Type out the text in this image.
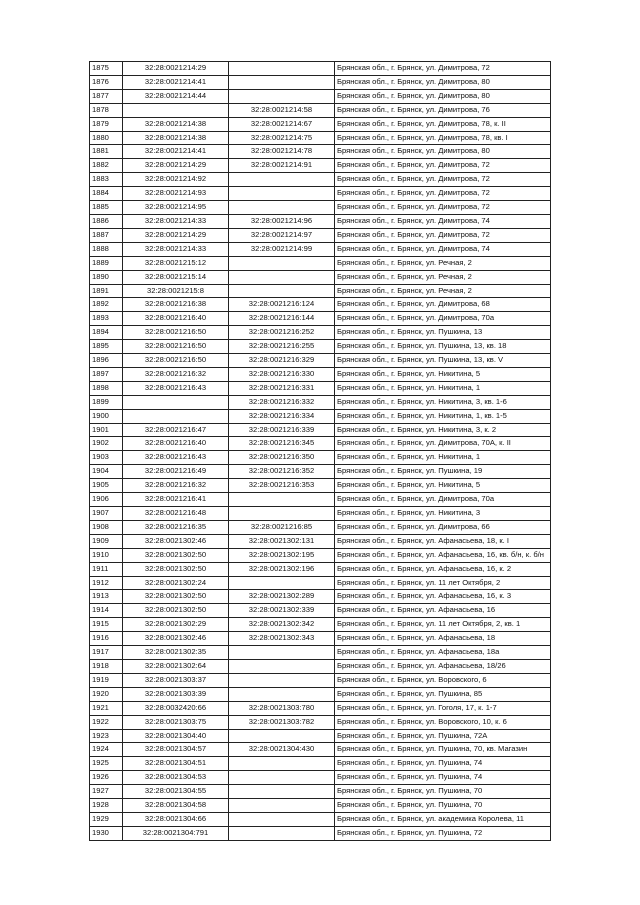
1875	32:28:0021214:29		Брянская обл., г. Брянск, ул. Димитрова, 72
1876	32:28:0021214:41		Брянская обл., г. Брянск, ул. Димитрова, 80
1877	32:28:0021214:44		Брянская обл., г. Брянск, ул. Димитрова, 80
1878		32:28:0021214:58	Брянская обл., г. Брянск, ул. Димитрова, 76
1879	32:28:0021214:38	32:28:0021214:67	Брянская обл., г. Брянск, ул. Димитрова, 78, к. II
1880	32:28:0021214:38	32:28:0021214:75	Брянская обл., г. Брянск, ул. Димитрова, 78, кв. I
1881	32:28:0021214:41	32:28:0021214:78	Брянская обл., г. Брянск, ул. Димитрова, 80
1882	32:28:0021214:29	32:28:0021214:91	Брянская обл., г. Брянск, ул. Димитрова, 72
1883	32:28:0021214:92		Брянская обл., г. Брянск, ул. Димитрова, 72
1884	32:28:0021214:93		Брянская обл., г. Брянск, ул. Димитрова, 72
1885	32:28:0021214:95		Брянская обл., г. Брянск, ул. Димитрова, 72
1886	32:28:0021214:33	32:28:0021214:96	Брянская обл., г. Брянск, ул. Димитрова, 74
1887	32:28:0021214:29	32:28:0021214:97	Брянская обл., г. Брянск, ул. Димитрова, 72
1888	32:28:0021214:33	32:28:0021214:99	Брянская обл., г. Брянск, ул. Димитрова, 74
1889	32:28:0021215:12		Брянская обл., г. Брянск, ул. Речная, 2
1890	32:28:0021215:14		Брянская обл., г. Брянск, ул. Речная, 2
1891	32:28:0021215:8		Брянская обл., г. Брянск, ул. Речная, 2
1892	32:28:0021216:38	32:28:0021216:124	Брянская обл., г. Брянск, ул. Димитрова, 68
1893	32:28:0021216:40	32:28:0021216:144	Брянская обл., г. Брянск, ул. Димитрова, 70а
1894	32:28:0021216:50	32:28:0021216:252	Брянская обл., г. Брянск, ул. Пушкина, 13
1895	32:28:0021216:50	32:28:0021216:255	Брянская обл., г. Брянск, ул. Пушкина, 13, кв. 18
1896	32:28:0021216:50	32:28:0021216:329	Брянская обл., г. Брянск, ул. Пушкина, 13, кв. V
1897	32:28:0021216:32	32:28:0021216:330	Брянская обл., г. Брянск, ул. Никитина, 5
1898	32:28:0021216:43	32:28:0021216:331	Брянская обл., г. Брянск, ул. Никитина, 1
1899		32:28:0021216:332	Брянская обл., г. Брянск, ул. Никитина, 3, кв. 1-6
1900		32:28:0021216:334	Брянская обл., г. Брянск, ул. Никитина, 1, кв. 1-5
1901	32:28:0021216:47	32:28:0021216:339	Брянская обл., г. Брянск, ул. Никитина, 3, к. 2
1902	32:28:0021216:40	32:28:0021216:345	Брянская обл., г. Брянск, ул. Димитрова, 70А, к. II
1903	32:28:0021216:43	32:28:0021216:350	Брянская обл., г. Брянск, ул. Никитина, 1
1904	32:28:0021216:49	32:28:0021216:352	Брянская обл., г. Брянск, ул. Пушкина, 19
1905	32:28:0021216:32	32:28:0021216:353	Брянская обл., г. Брянск, ул. Никитина, 5
1906	32:28:0021216:41		Брянская обл., г. Брянск, ул. Димитрова, 70а
1907	32:28:0021216:48		Брянская обл., г. Брянск, ул. Никитина, 3
1908	32:28:0021216:35	32:28:0021216:85	Брянская обл., г. Брянск, ул. Димитрова, 66
1909	32:28:0021302:46	32:28:0021302:131	Брянская обл., г. Брянск, ул. Афанасьева, 18, к. I
1910	32:28:0021302:50	32:28:0021302:195	Брянская обл., г. Брянск, ул. Афанасьева, 16, кв. б/н, к. б/н
1911	32:28:0021302:50	32:28:0021302:196	Брянская обл., г. Брянск, ул. Афанасьева, 16, к. 2
1912	32:28:0021302:24		Брянская обл., г. Брянск, ул. 11 лет Октября, 2
1913	32:28:0021302:50	32:28:0021302:289	Брянская обл., г. Брянск, ул. Афанасьева, 16, к. 3
1914	32:28:0021302:50	32:28:0021302:339	Брянская обл., г. Брянск, ул. Афанасьева, 16
1915	32:28:0021302:29	32:28:0021302:342	Брянская обл., г. Брянск, ул. 11 лет Октября, 2, кв. 1
1916	32:28:0021302:46	32:28:0021302:343	Брянская обл., г. Брянск, ул. Афанасьева, 18
1917	32:28:0021302:35		Брянская обл., г. Брянск, ул. Афанасьева, 18а
1918	32:28:0021302:64		Брянская обл., г. Брянск, ул. Афанасьева, 18/26
1919	32:28:0021303:37		Брянская обл., г. Брянск, ул. Воровского, 6
1920	32:28:0021303:39		Брянская обл., г. Брянск, ул. Пушкина, 85
1921	32:28:0032420:66	32:28:0021303:780	Брянская обл., г. Брянск, ул. Гоголя, 17, к. 1-7
1922	32:28:0021303:75	32:28:0021303:782	Брянская обл., г. Брянск, ул. Воровского, 10, к. 6
1923	32:28:0021304:40		Брянская обл., г. Брянск, ул. Пушкина, 72А
1924	32:28:0021304:57	32:28:0021304:430	Брянская обл., г. Брянск, ул. Пушкина, 70, кв. Магазин
1925	32:28:0021304:51		Брянская обл., г. Брянск, ул. Пушкина, 74
1926	32:28:0021304:53		Брянская обл., г. Брянск, ул. Пушкина, 74
1927	32:28:0021304:55		Брянская обл., г. Брянск, ул. Пушкина, 70
1928	32:28:0021304:58		Брянская обл., г. Брянск, ул. Пушкина, 70
1929	32:28:0021304:66		Брянская обл., г. Брянск, ул. академика Королева, 11
1930	32:28:0021304:791		Брянская обл., г. Брянск, ул. Пушкина, 72
